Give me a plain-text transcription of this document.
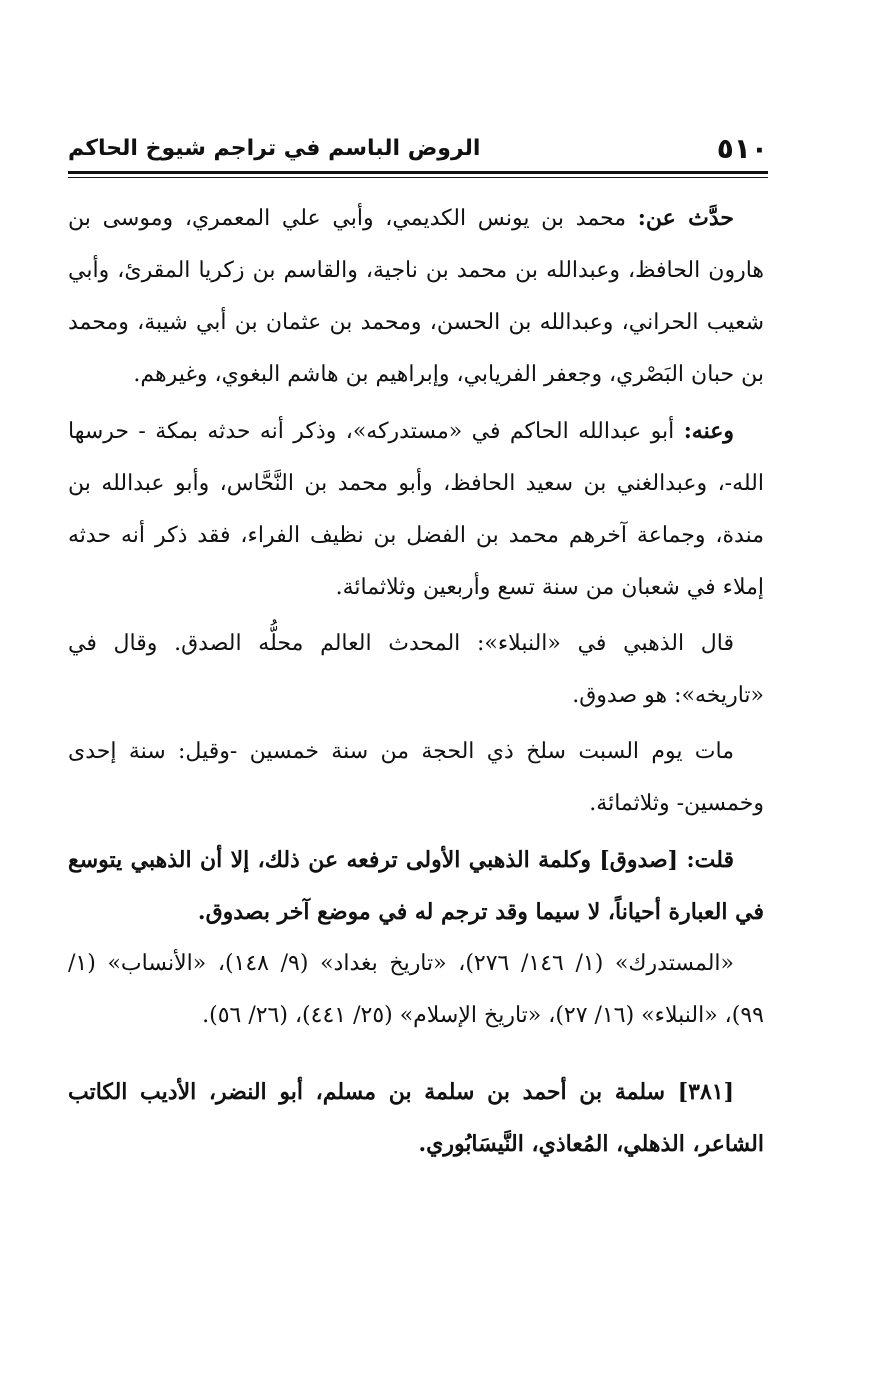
٥١٠
الروض الباسم في تراجم شيوخ الحاكم

حدَّث عن: محمد بن يونس الكديمي، وأبي علي المعمري، وموسى بن هارون الحافظ، وعبدالله بن محمد بن ناجية، والقاسم بن زكريا المقرئ، وأبي شعيب الحراني، وعبدالله بن الحسن، ومحمد بن عثمان بن أبي شيبة، ومحمد بن حبان البَصْري، وجعفر الفريابي، وإبراهيم بن هاشم البغوي، وغيرهم.

وعنه: أبو عبدالله الحاكم في «مستدركه»، وذكر أنه حدثه بمكة - حرسها الله-، وعبدالغني بن سعيد الحافظ، وأبو محمد بن النَّحَّاس، وأبو عبدالله بن مندة، وجماعة آخرهم محمد بن الفضل بن نظيف الفراء، فقد ذكر أنه حدثه إملاء في شعبان من سنة تسع وأربعين وثلاثمائة.

قال الذهبي في «النبلاء»: المحدث العالم محلُّه الصدق. وقال في «تاريخه»: هو صدوق.

مات يوم السبت سلخ ذي الحجة من سنة خمسين -وقيل: سنة إحدى وخمسين- وثلاثمائة.

قلت: [صدوق] وكلمة الذهبي الأولى ترفعه عن ذلك، إلا أن الذهبي يتوسع في العبارة أحياناً، لا سيما وقد ترجم له في موضع آخر بصدوق.

«المستدرك» (١/ ١٤٦/ ٢٧٦)، «تاريخ بغداد» (٩/ ١٤٨)، «الأنساب» (١/ ٩٩)، «النبلاء» (١٦/ ٢٧)، «تاريخ الإسلام» (٢٥/ ٤٤١)، (٢٦/ ٥٦).

[٣٨١] سلمة بن أحمد بن سلمة بن مسلم، أبو النضر، الأديب الكاتب الشاعر، الذهلي، المُعاذي، النَّيسَابُوري.
